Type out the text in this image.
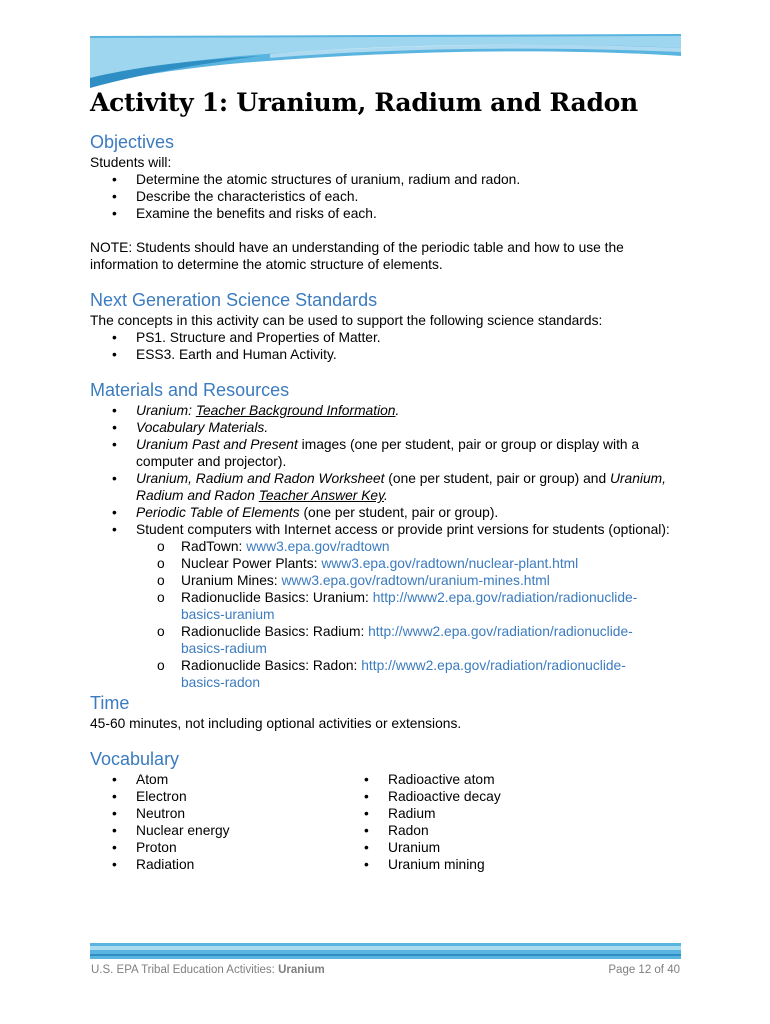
Activity 1: Uranium, Radium and Radon
Objectives

Students will:

• Determine the atomic structures of uranium, radium and radon.
• Describe the characteristics of each.
• Examine the benefits and risks of each.

NOTE: Students should have an understanding of the periodic table and how to use the
information to determine the atomic structure of elements.

Next Generation Science Standards

The concepts in this activity can be used to support the following science standards:

• PS1. Structure and Properties of Matter.
• ESS3. Earth and Human Activity.
Materials and Resources
• Uranium: Teacher Background Information.
• Vocabulary Materials.
• Uranium Past and Present images (one per student, pair or group or display with a
computer and projector).
• Uranium, Radium and Radon Worksheet (one per student, pair or group) and Uranium,
Radium and Radon Teacher Answer Key.
• Periodic Table of Elements (one per student, pair or group).
• Student computers with Internet access or provide print versions for students (optional):
o RadTown: www3.epa.gov/radtown
o Nuclear Power Plants: www3.epa.gov/radtown/nuclear-plant.html
o Uranium Mines: www3.epa.gov/radtown/uranium-mines.html
o Radionuclide Basics: Uranium: http://www2.epa.gov/radiation/radionuclide-
basics-uranium
o Radionuclide Basics: Radium: http://www2.epa.gov/radiation/radionuclide-
basics-radium
o Radionuclide Basics: Radon: http://www2.epa.gov/radiation/radionuclide-
basics-radon
Time

45-60 minutes, not including optional activities or extensions.

Vocabulary
• Atom
• Electron
• Neutron
• Nuclear energy
• Proton
• Radiation
• Radioactive atom
• Radioactive decay
• Radium
• Radon
• Uranium
• Uranium mining
U.S. EPA Tribal Education Activities: Uranium	Page 12 of 40
